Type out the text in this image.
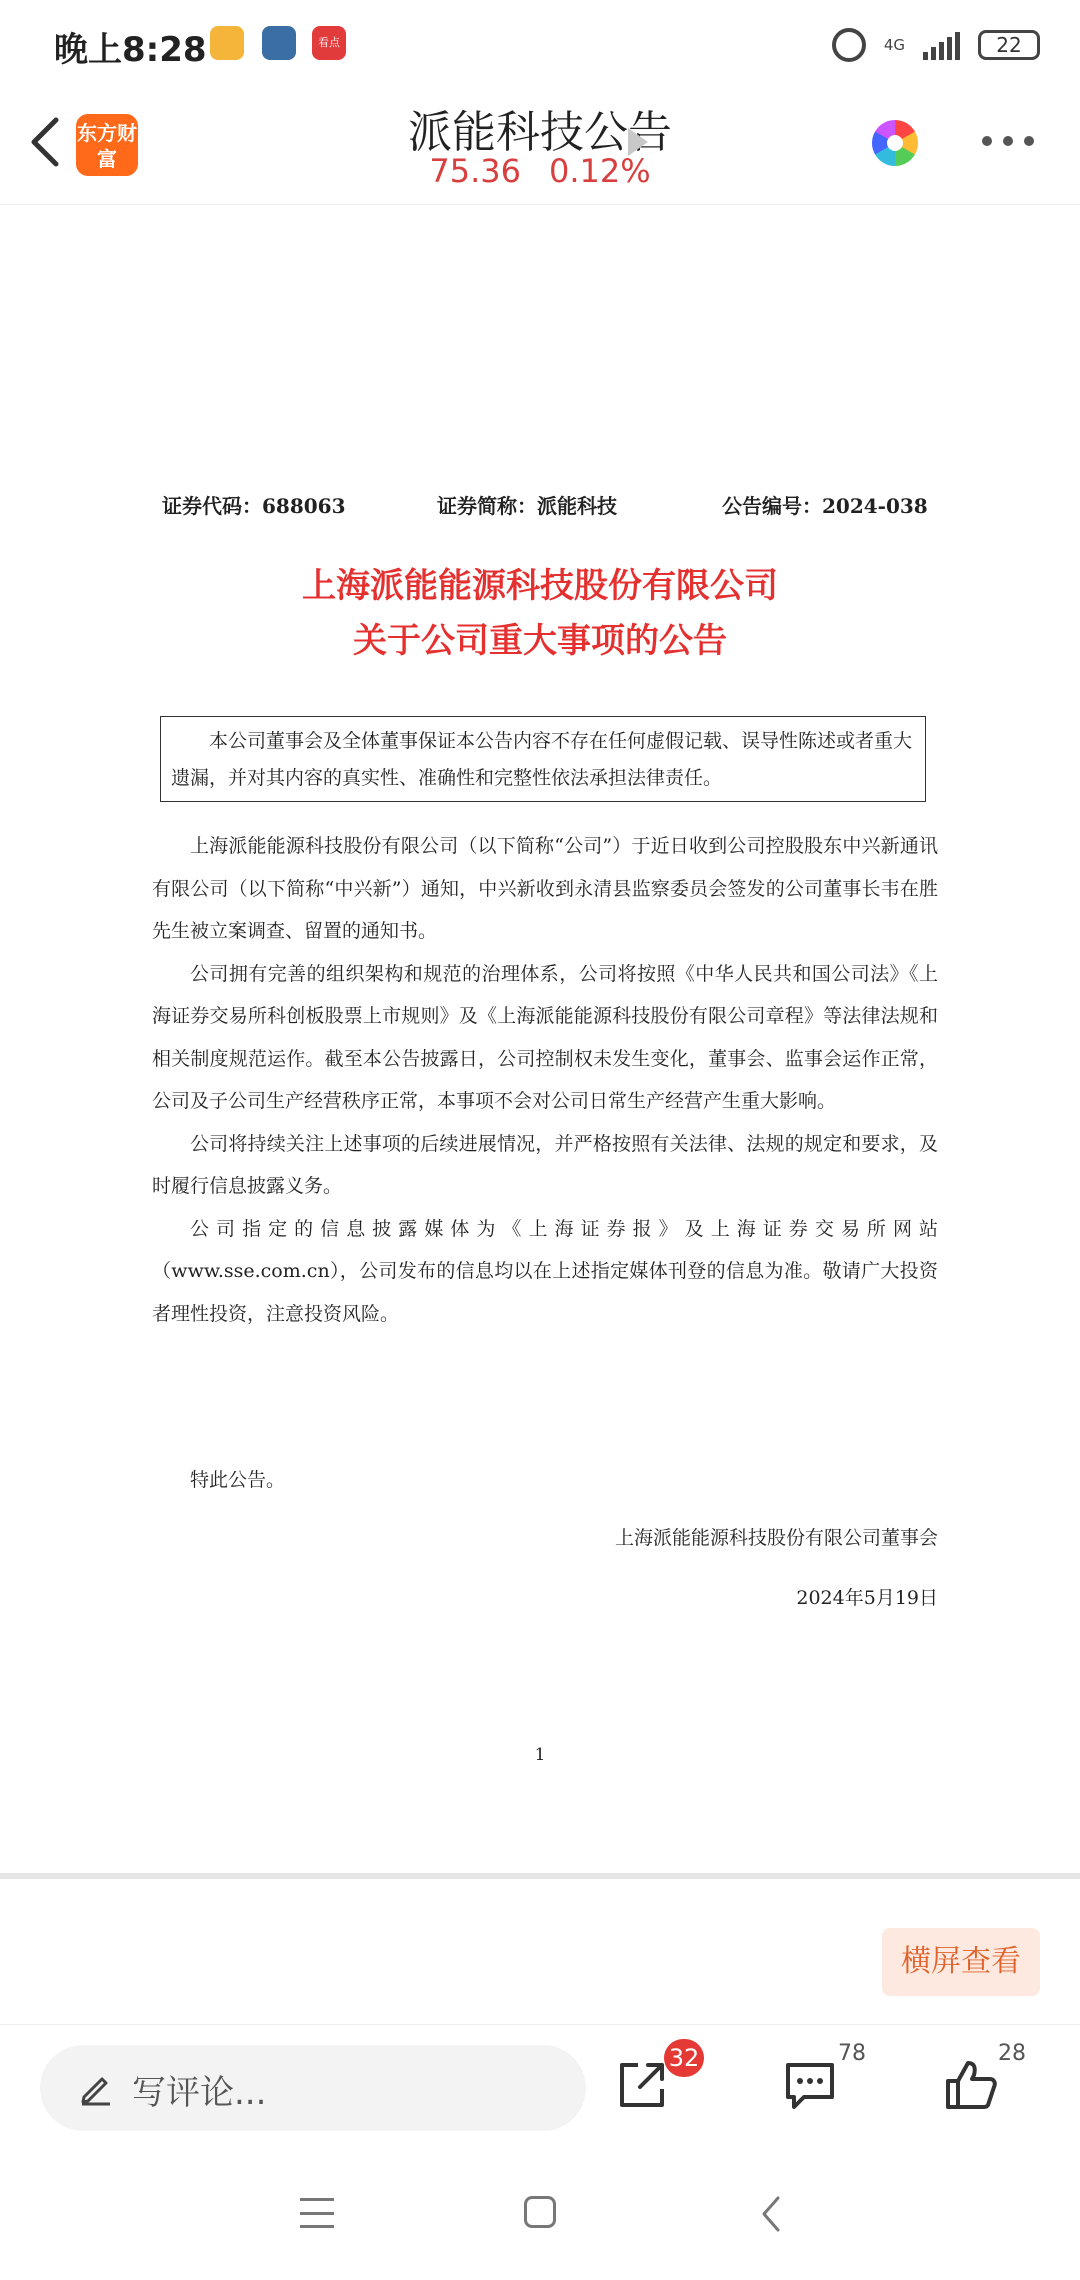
晚上8:28	看点	4G	22
东方财富
派能科技公告
75.36 0.12%
证券代码：688063	证券简称：派能科技	公告编号：2024-038
上海派能能源科技股份有限公司
关于公司重大事项的公告

本公司董事会及全体董事保证本公告内容不存在任何虚假记载、误导性陈述或者重大遗漏，并对其内容的真实性、准确性和完整性依法承担法律责任。

上海派能能源科技股份有限公司（以下简称“公司”）于近日收到公司控股股东中兴新通讯有限公司（以下简称“中兴新”）通知，中兴新收到永清县监察委员会签发的公司董事长韦在胜先生被立案调查、留置的通知书。

公司拥有完善的组织架构和规范的治理体系，公司将按照《中华人民共和国公司法》《上海证券交易所科创板股票上市规则》及《上海派能能源科技股份有限公司章程》等法律法规和相关制度规范运作。截至本公告披露日，公司控制权未发生变化，董事会、监事会运作正常，公司及子公司生产经营秩序正常，本事项不会对公司日常生产经营产生重大影响。

公司将持续关注上述事项的后续进展情况，并严格按照有关法律、法规的规定和要求，及时履行信息披露义务。

公司指定的信息披露媒体为《上海证券报》及上海证券交易所网站（www.sse.com.cn），公司发布的信息均以在上述指定媒体刊登的信息为准。敬请广大投资者理性投资，注意投资风险。

特此公告。
上海派能能源科技股份有限公司董事会
2024年5月19日
1
横屏查看
写评论...
32	78	28
